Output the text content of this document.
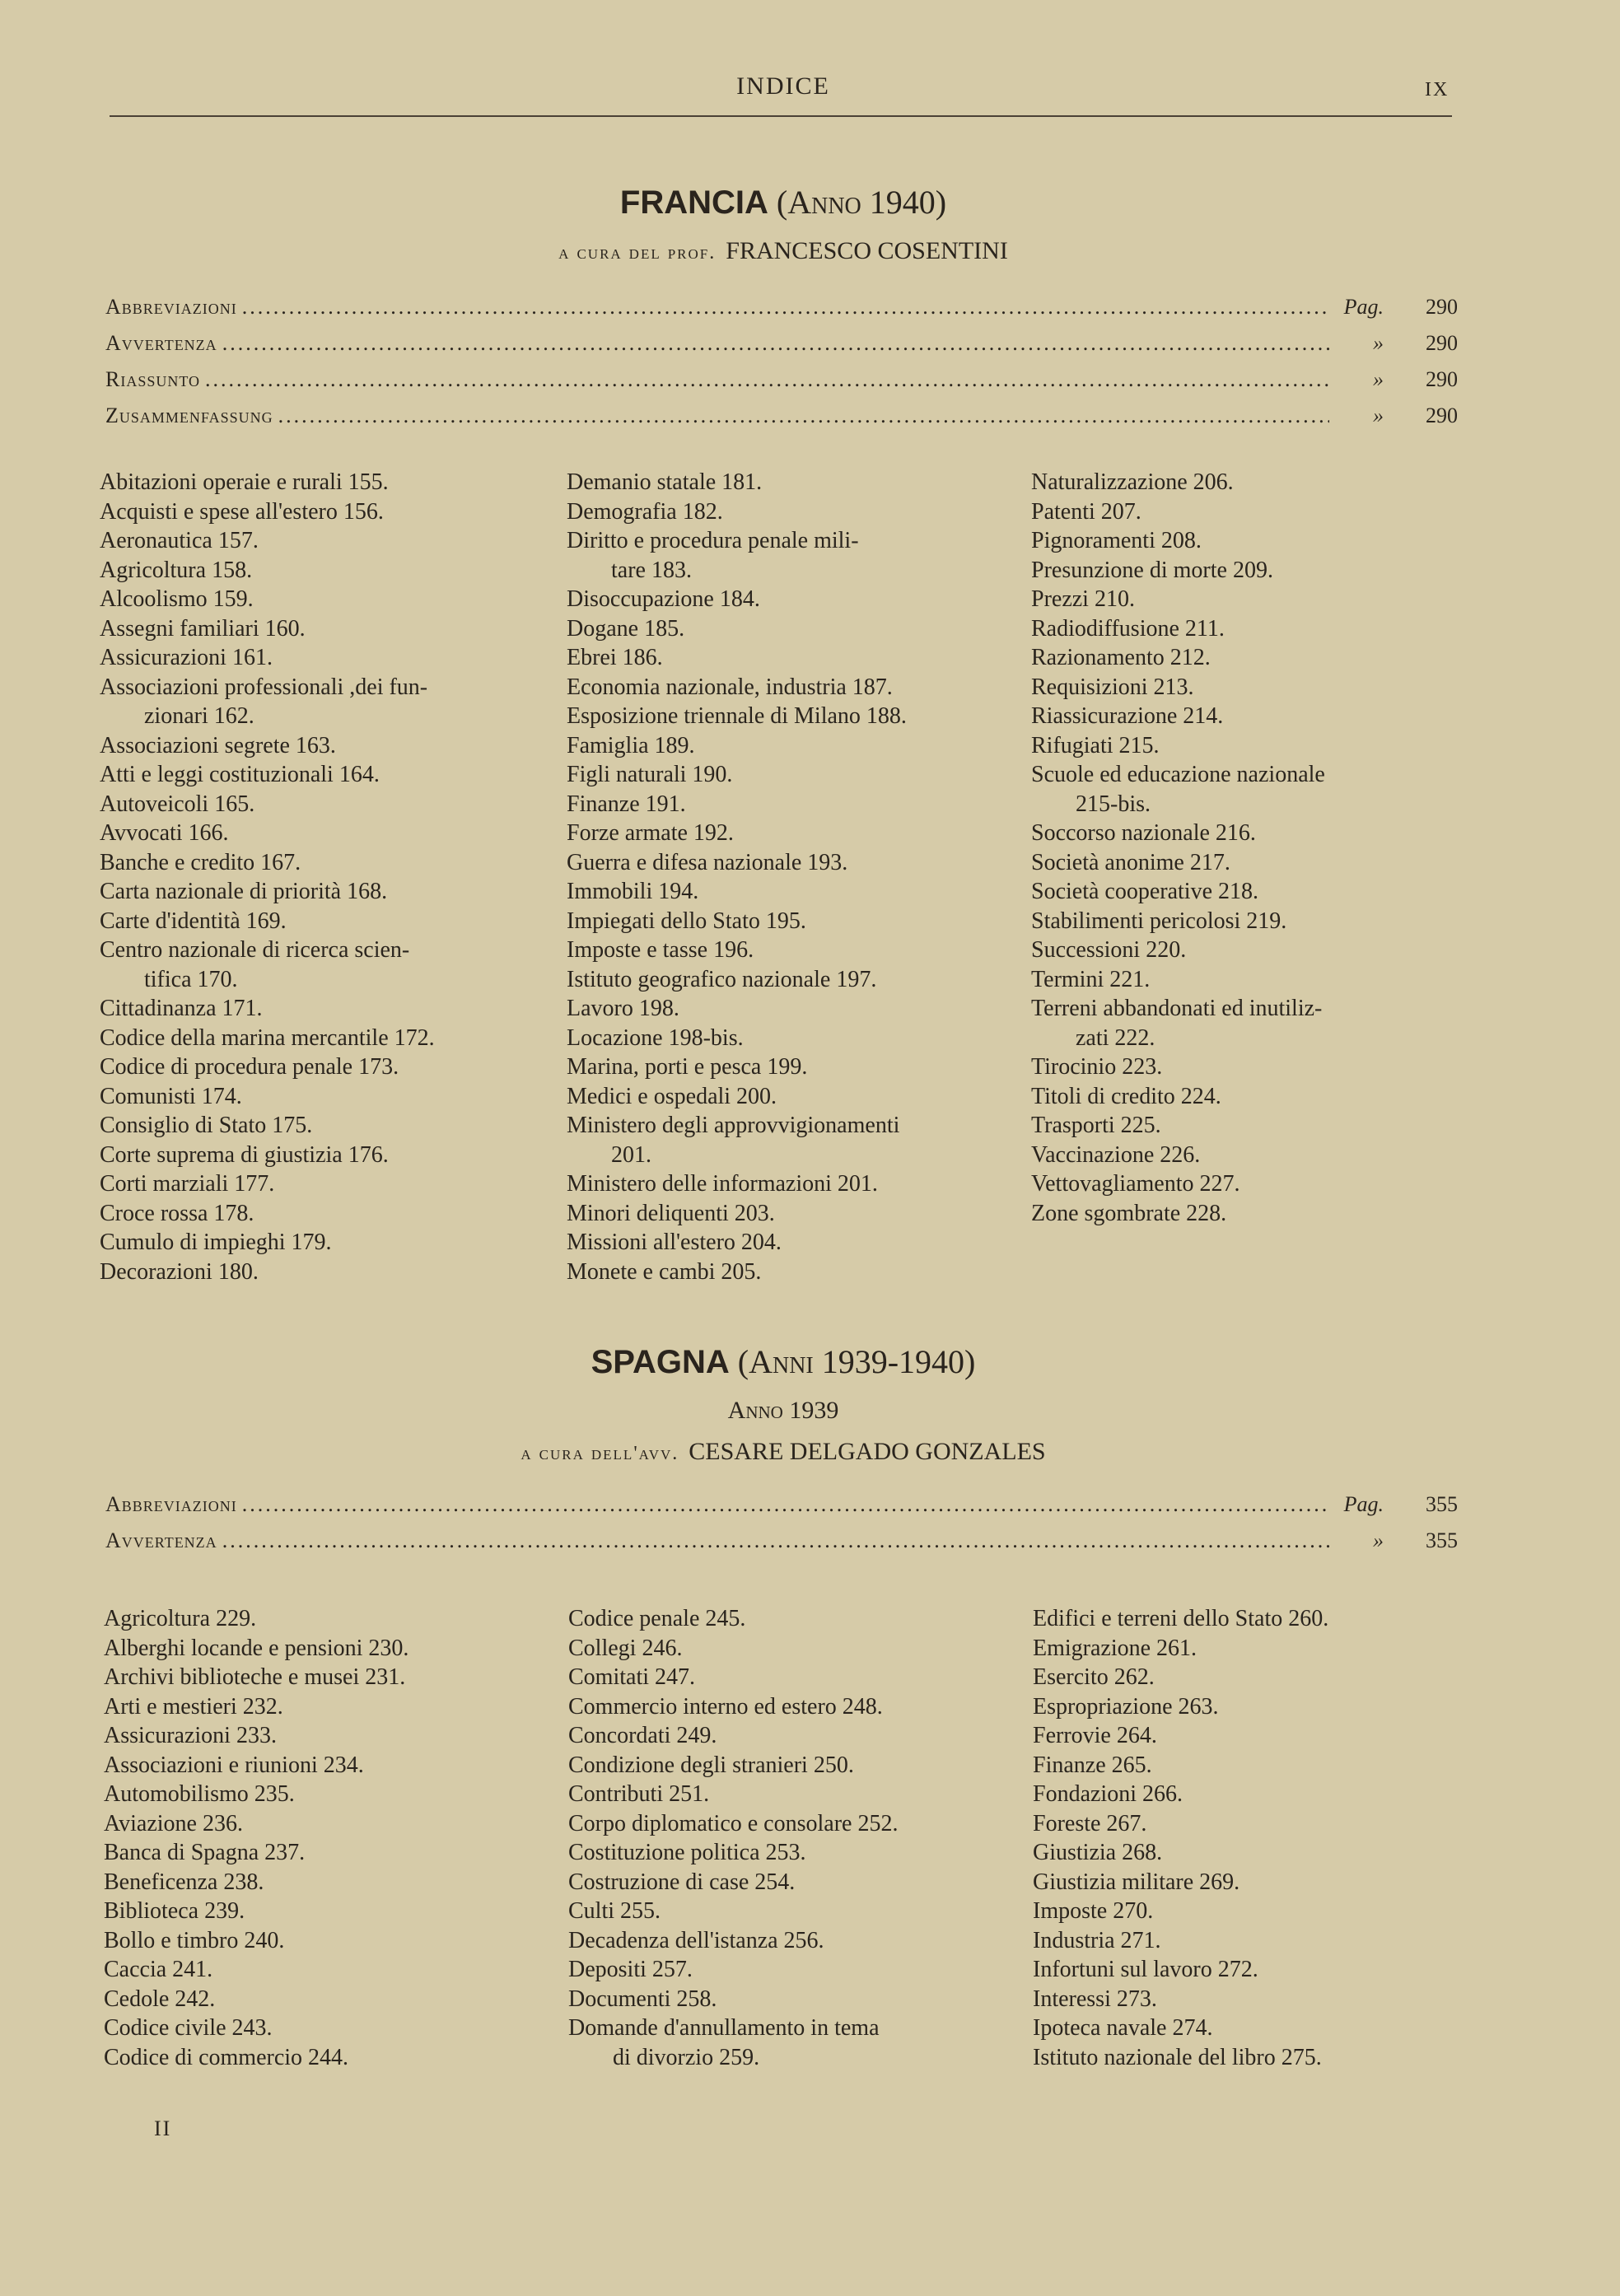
INDICE	IX
FRANCIA (Anno 1940)
a cura del prof. FRANCESCO COSENTINI
Abbreviazioni .....	Pag.	290
Avvertenza .....	»	290
Riassunto .....	»	290
Zusammenfassung .....	»	290
Abitazioni operaie e rurali 155.
Acquisti e spese all'estero 156.
Aeronautica 157.
Agricoltura 158.
Alcoolismo 159.
Assegni familiari 160.
Assicurazioni 161.
Associazioni professionali ,dei fun-
zionari 162.
Associazioni segrete 163.
Atti e leggi costituzionali 164.
Autoveicoli 165.
Avvocati 166.
Banche e credito 167.
Carta nazionale di priorità 168.
Carte d'identità 169.
Centro nazionale di ricerca scien-
tifica 170.
Cittadinanza 171.
Codice della marina mercantile 172.
Codice di procedura penale 173.
Comunisti 174.
Consiglio di Stato 175.
Corte suprema di giustizia 176.
Corti marziali 177.
Croce rossa 178.
Cumulo di impieghi 179.
Decorazioni 180.
Demanio statale 181.
Demografia 182.
Diritto e procedura penale mili-
tare 183.
Disoccupazione 184.
Dogane 185.
Ebrei 186.
Economia nazionale, industria 187.
Esposizione triennale di Milano 188.
Famiglia 189.
Figli naturali 190.
Finanze 191.
Forze armate 192.
Guerra e difesa nazionale 193.
Immobili 194.
Impiegati dello Stato 195.
Imposte e tasse 196.
Istituto geografico nazionale 197.
Lavoro 198.
Locazione 198-bis.
Marina, porti e pesca 199.
Medici e ospedali 200.
Ministero degli approvvigionamenti
201.
Ministero delle informazioni 201.
Minori deliquenti 203.
Missioni all'estero 204.
Monete e cambi 205.
Naturalizzazione 206.
Patenti 207.
Pignoramenti 208.
Presunzione di morte 209.
Prezzi 210.
Radiodiffusione 211.
Razionamento 212.
Requisizioni 213.
Riassicurazione 214.
Rifugiati 215.
Scuole ed educazione nazionale
215-bis.
Soccorso nazionale 216.
Società anonime 217.
Società cooperative 218.
Stabilimenti pericolosi 219.
Successioni 220.
Termini 221.
Terreni abbandonati ed inutiliz-
zati 222.
Tirocinio 223.
Titoli di credito 224.
Trasporti 225.
Vaccinazione 226.
Vettovagliamento 227.
Zone sgombrate 228.
SPAGNA (Anni 1939-1940)
Anno 1939
a cura dell'avv. CESARE DELGADO GONZALES
Abbreviazioni .....	Pag.	355
Avvertenza .....	»	355
Agricoltura 229.
Alberghi locande e pensioni 230.
Archivi biblioteche e musei 231.
Arti e mestieri 232.
Assicurazioni 233.
Associazioni e riunioni 234.
Automobilismo 235.
Aviazione 236.
Banca di Spagna 237.
Beneficenza 238.
Biblioteca 239.
Bollo e timbro 240.
Caccia 241.
Cedole 242.
Codice civile 243.
Codice di commercio 244.
Codice penale 245.
Collegi 246.
Comitati 247.
Commercio interno ed estero 248.
Concordati 249.
Condizione degli stranieri 250.
Contributi 251.
Corpo diplomatico e consolare 252.
Costituzione politica 253.
Costruzione di case 254.
Culti 255.
Decadenza dell'istanza 256.
Depositi 257.
Documenti 258.
Domande d'annullamento in tema
di divorzio 259.
Edifici e terreni dello Stato 260.
Emigrazione 261.
Esercito 262.
Espropriazione 263.
Ferrovie 264.
Finanze 265.
Fondazioni 266.
Foreste 267.
Giustizia 268.
Giustizia militare 269.
Imposte 270.
Industria 271.
Infortuni sul lavoro 272.
Interessi 273.
Ipoteca navale 274.
Istituto nazionale del libro 275.
II
